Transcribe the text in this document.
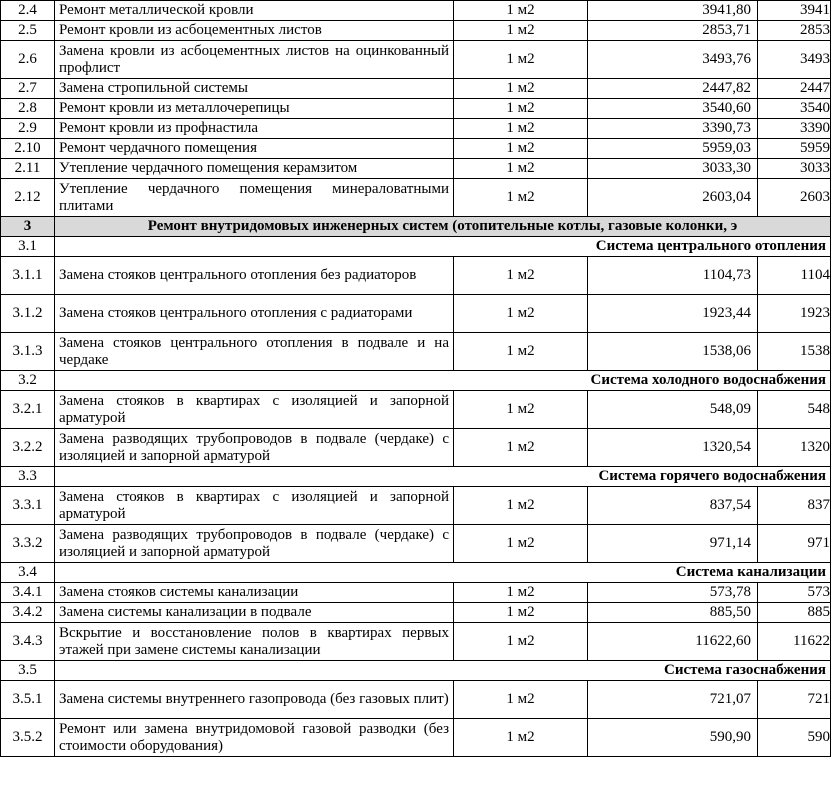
2.4	Ремонт металлической кровли	1 м2	3941,80	3941
2.5	Ремонт кровли из асбоцементных листов	1 м2	2853,71	2853
2.6	Замена кровли из асбоцементных листов на оцинкованный профлист	1 м2	3493,76	3493
2.7	Замена стропильной системы	1 м2	2447,82	2447
2.8	Ремонт кровли из металлочерепицы	1 м2	3540,60	3540
2.9	Ремонт кровли из профнастила	1 м2	3390,73	3390
2.10	Ремонт чердачного помещения	1 м2	5959,03	5959
2.11	Утепление чердачного помещения керамзитом	1 м2	3033,30	3033
2.12	Утепление чердачного помещения минераловатными плитами	1 м2	2603,04	2603
3	Ремонт внутридомовых инженерных систем (отопительные котлы, газовые колонки, э			
3.1	Система центрального отопления			
3.1.1	Замена стояков центрального отопления без радиаторов	1 м2	1104,73	1104
3.1.2	Замена стояков центрального отопления с радиаторами	1 м2	1923,44	1923
3.1.3	Замена стояков центрального отопления в подвале и на чердаке	1 м2	1538,06	1538
3.2	Система холодного водоснабжения			
3.2.1	Замена стояков в квартирах с изоляцией и запорной арматурой	1 м2	548,09	548
3.2.2	Замена разводящих трубопроводов в подвале (чердаке) с изоляцией и запорной арматурой	1 м2	1320,54	1320
3.3	Система горячего водоснабжения			
3.3.1	Замена стояков в квартирах с изоляцией и запорной арматурой	1 м2	837,54	837
3.3.2	Замена разводящих трубопроводов в подвале (чердаке) с изоляцией и запорной арматурой	1 м2	971,14	971
3.4	Система канализации			
3.4.1	Замена стояков системы канализации	1 м2	573,78	573
3.4.2	Замена системы канализации в подвале	1 м2	885,50	885
3.4.3	Вскрытие и восстановление полов в квартирах первых этажей при замене системы канализации	1 м2	11622,60	11622
3.5	Система газоснабжения			
3.5.1	Замена системы внутреннего газопровода (без газовых плит)	1 м2	721,07	721
3.5.2	Ремонт или замена внутридомовой газовой разводки (без стоимости оборудования)	1 м2	590,90	590
